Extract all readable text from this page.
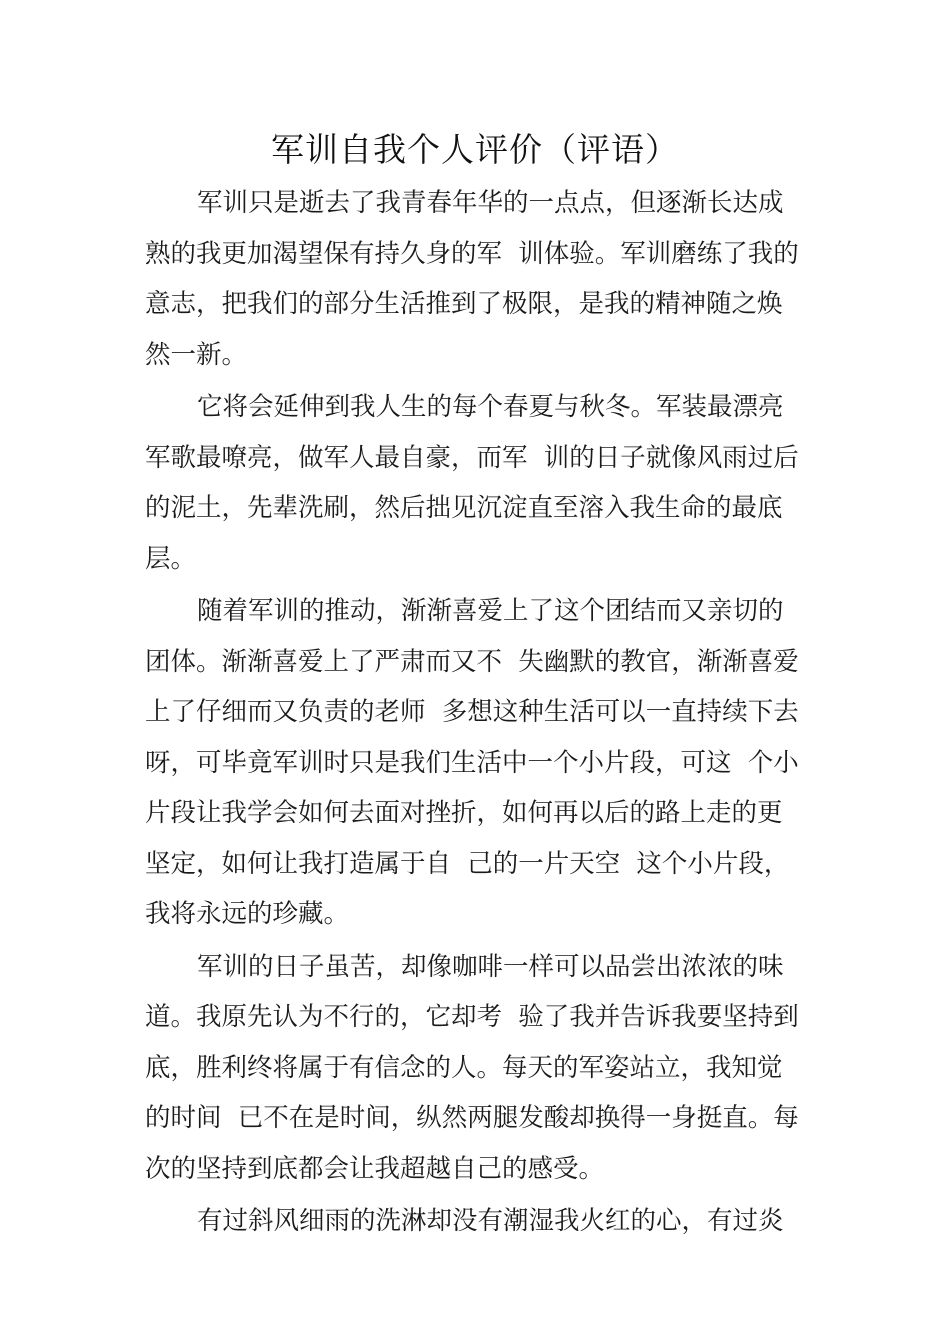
军训自我个人评价（评语）
军训只是逝去了我青春年华的一点点，但逐渐长达成
熟的我更加渴望保有持久身的军  训体验。军训磨练了我的
意志，把我们的部分生活推到了极限，是我的精神随之焕
然一新。
它将会延伸到我人生的每个春夏与秋冬。军装最漂亮
军歌最嘹亮，做军人最自豪，而军  训的日子就像风雨过后
的泥土，先辈洗刷，然后拙见沉淀直至溶入我生命的最底
层。
随着军训的推动，渐渐喜爱上了这个团结而又亲切的
团体。渐渐喜爱上了严肃而又不  失幽默的教官，渐渐喜爱
上了仔细而又负责的老师  多想这种生活可以一直持续下去
呀，可毕竟军训时只是我们生活中一个小片段，可这  个小
片段让我学会如何去面对挫折，如何再以后的路上走的更
坚定，如何让我打造属于自  己的一片天空  这个小片段，
我将永远的珍藏。
军训的日子虽苦，却像咖啡一样可以品尝出浓浓的味
道。我原先认为不行的，它却考  验了我并告诉我要坚持到
底，胜利终将属于有信念的人。每天的军姿站立，我知觉
的时间  已不在是时间，纵然两腿发酸却换得一身挺直。每
次的坚持到底都会让我超越自己的感受。
有过斜风细雨的洗淋却没有潮湿我火红的心，有过炎
